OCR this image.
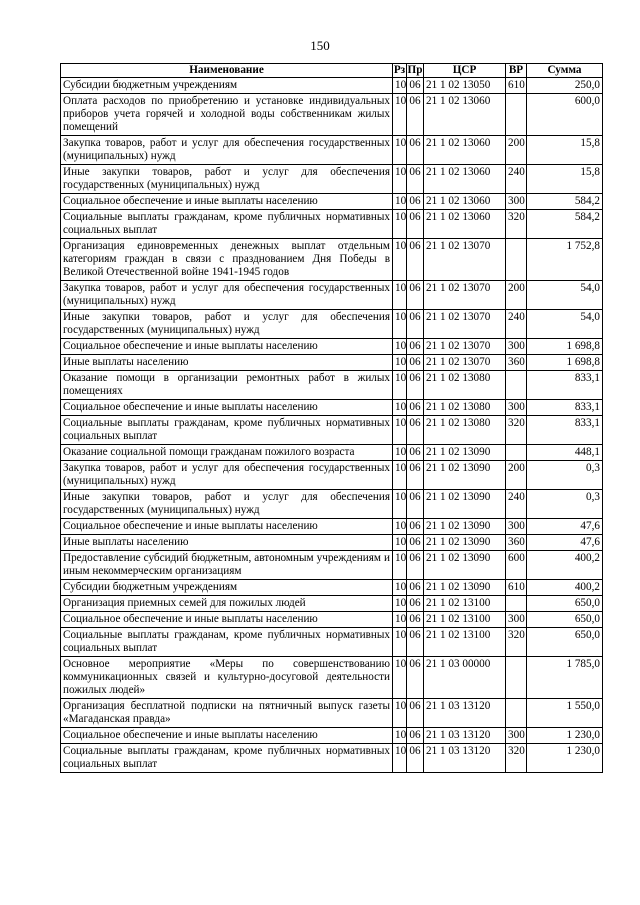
150
Наименование	Рз	Пр	ЦСР	ВР	Сумма
Субсидии бюджетным учреждениям	10	06	21 1 02 13050	610	250,0
Оплата расходов по приобретению и установке индивидуальных приборов учета горячей и холодной воды собственникам жилых помещений	10	06	21 1 02 13060		600,0
Закупка товаров, работ и услуг для обеспечения государственных (муниципальных) нужд	10	06	21 1 02 13060	200	15,8
Иные закупки товаров, работ и услуг для обеспечения государственных (муниципальных) нужд	10	06	21 1 02 13060	240	15,8
Социальное обеспечение и иные выплаты населению	10	06	21 1 02 13060	300	584,2
Социальные выплаты гражданам, кроме публичных нормативных социальных выплат	10	06	21 1 02 13060	320	584,2
Организация единовременных денежных выплат отдельным категориям граждан в связи с празднованием Дня Победы в Великой Отечественной войне 1941-1945 годов	10	06	21 1 02 13070		1 752,8
Закупка товаров, работ и услуг для обеспечения государственных (муниципальных) нужд	10	06	21 1 02 13070	200	54,0
Иные закупки товаров, работ и услуг для обеспечения государственных (муниципальных) нужд	10	06	21 1 02 13070	240	54,0
Социальное обеспечение и иные выплаты населению	10	06	21 1 02 13070	300	1 698,8
Иные выплаты населению	10	06	21 1 02 13070	360	1 698,8
Оказание помощи в организации ремонтных работ в жилых помещениях	10	06	21 1 02 13080		833,1
Социальное обеспечение и иные выплаты населению	10	06	21 1 02 13080	300	833,1
Социальные выплаты гражданам, кроме публичных нормативных социальных выплат	10	06	21 1 02 13080	320	833,1
Оказание социальной помощи гражданам пожилого возраста	10	06	21 1 02 13090		448,1
Закупка товаров, работ и услуг для обеспечения государственных (муниципальных) нужд	10	06	21 1 02 13090	200	0,3
Иные закупки товаров, работ и услуг для обеспечения государственных (муниципальных) нужд	10	06	21 1 02 13090	240	0,3
Социальное обеспечение и иные выплаты населению	10	06	21 1 02 13090	300	47,6
Иные выплаты населению	10	06	21 1 02 13090	360	47,6
Предоставление субсидий бюджетным, автономным учреждениям и иным некоммерческим организациям	10	06	21 1 02 13090	600	400,2
Субсидии бюджетным учреждениям	10	06	21 1 02 13090	610	400,2
Организация приемных семей для пожилых людей	10	06	21 1 02 13100		650,0
Социальное обеспечение и иные выплаты населению	10	06	21 1 02 13100	300	650,0
Социальные выплаты гражданам, кроме публичных нормативных социальных выплат	10	06	21 1 02 13100	320	650,0
Основное мероприятие «Меры по совершенствованию коммуникационных связей и культурно-досуговой деятельности пожилых людей»	10	06	21 1 03 00000		1 785,0
Организация бесплатной подписки на пятничный выпуск газеты «Магаданская правда»	10	06	21 1 03 13120		1 550,0
Социальное обеспечение и иные выплаты населению	10	06	21 1 03 13120	300	1 230,0
Социальные выплаты гражданам, кроме публичных нормативных социальных выплат	10	06	21 1 03 13120	320	1 230,0
